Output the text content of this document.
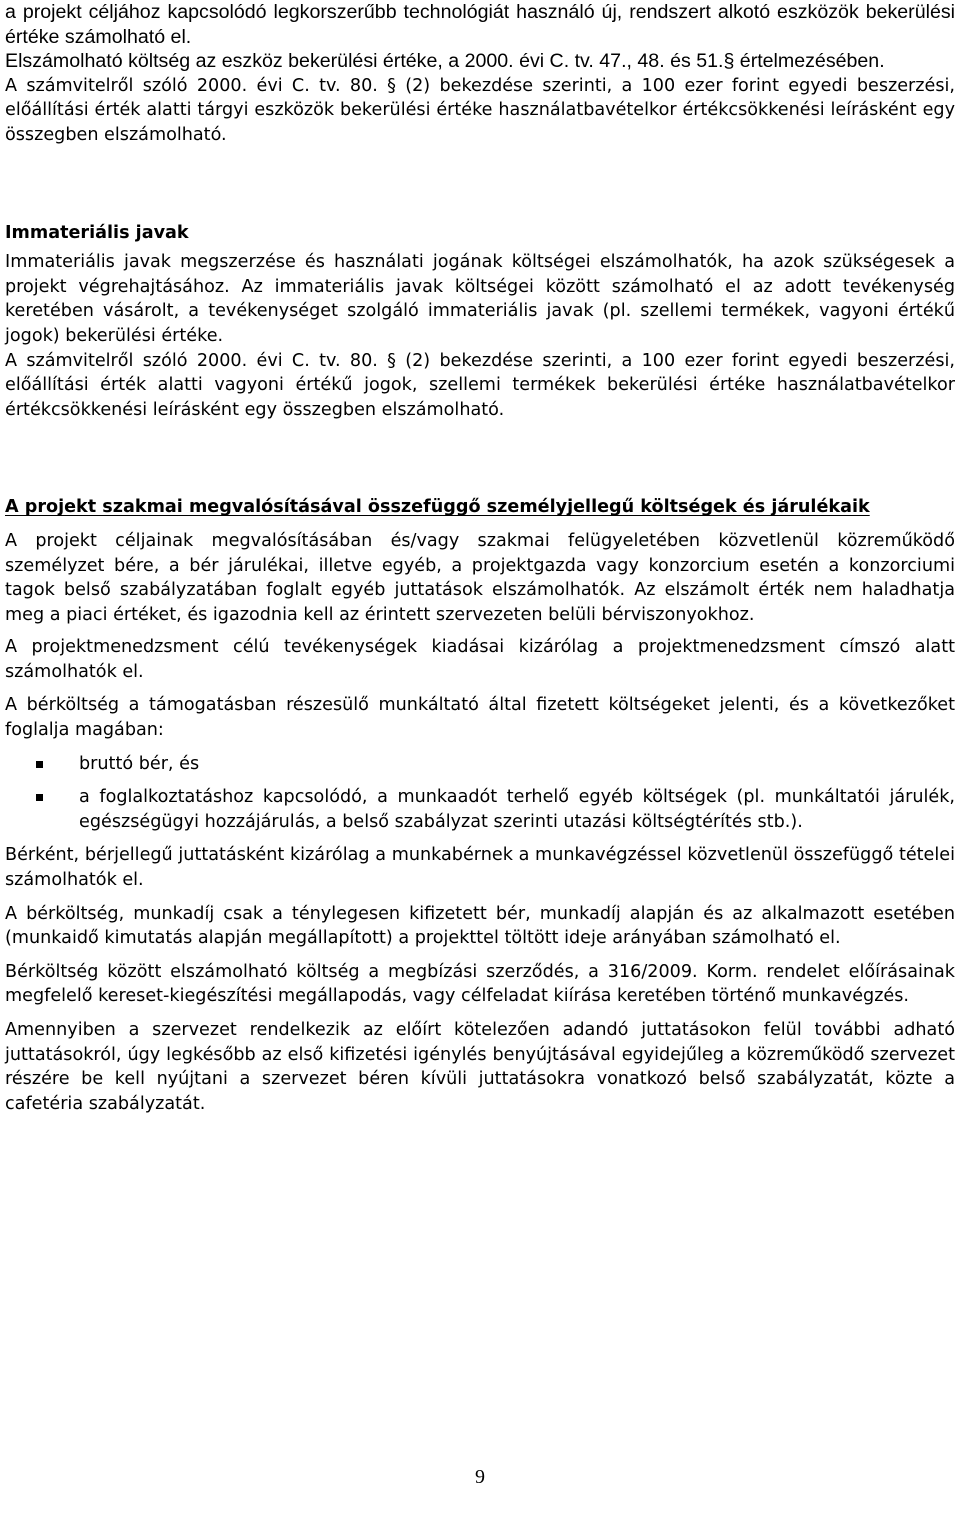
a projekt céljához kapcsolódó legkorszerűbb technológiát használó új, rendszert alkotó eszközök bekerülési értéke számolható el.

Elszámolható költség az eszköz bekerülési értéke, a 2000. évi C. tv. 47., 48. és 51.§ értelmezésében.

A számvitelről szóló 2000. évi C. tv. 80. § (2) bekezdése szerinti, a 100 ezer forint egyedi beszerzési, előállítási érték alatti tárgyi eszközök bekerülési értéke használatbavételkor értékcsökkenési leírásként egy összegben elszámolható.

Immateriális javak

Immateriális javak megszerzése és használati jogának költségei elszámolhatók, ha azok szükségesek a projekt végrehajtásához. Az immateriális javak költségei között számolható el az adott tevékenység keretében vásárolt, a tevékenységet szolgáló immateriális javak (pl. szellemi termékek, vagyoni értékű jogok) bekerülési értéke.

A számvitelről szóló 2000. évi C. tv. 80. § (2) bekezdése szerinti, a 100 ezer forint egyedi beszerzési, előállítási érték alatti vagyoni értékű jogok, szellemi termékek bekerülési értéke használatbavételkor értékcsökkenési leírásként egy összegben elszámolható.

A projekt szakmai megvalósításával összefüggő személyjellegű költségek és járulékaik

A projekt céljainak megvalósításában és/vagy szakmai felügyeletében közvetlenül közreműködő személyzet bére, a bér járulékai, illetve egyéb, a projektgazda vagy konzorcium esetén a konzorciumi tagok belső szabályzatában foglalt egyéb juttatások elszámolhatók. Az elszámolt érték nem haladhatja meg a piaci értéket, és igazodnia kell az érintett szervezeten belüli bérviszonyokhoz.

A projektmenedzsment célú tevékenységek kiadásai kizárólag a projektmenedzsment címszó alatt számolhatók el.

A bérköltség a támogatásban részesülő munkáltató által fizetett költségeket jelenti, és a következőket foglalja magában:

bruttó bér, és
a foglalkoztatáshoz kapcsolódó, a munkaadót terhelő egyéb költségek (pl. munkáltatói járulék, egészségügyi hozzájárulás, a belső szabályzat szerinti utazási költségtérítés stb.).

Bérként, bérjellegű juttatásként kizárólag a munkabérnek a munkavégzéssel közvetlenül összefüggő tételei számolhatók el.

A bérköltség, munkadíj csak a ténylegesen kifizetett bér, munkadíj alapján és az alkalmazott esetében (munkaidő kimutatás alapján megállapított) a projekttel töltött ideje arányában számolható el.

Bérköltség között elszámolható költség a megbízási szerződés, a 316/2009. Korm. rendelet előírásainak megfelelő kereset-kiegészítési megállapodás, vagy célfeladat kiírása keretében történő munkavégzés.

Amennyiben a szervezet rendelkezik az előírt kötelezően adandó juttatásokon felül további adható juttatásokról, úgy legkésőbb az első kifizetési igénylés benyújtásával egyidejűleg a közreműködő szervezet részére be kell nyújtani a szervezet béren kívüli juttatásokra vonatkozó belső szabályzatát, közte a cafetéria szabályzatát.

9
